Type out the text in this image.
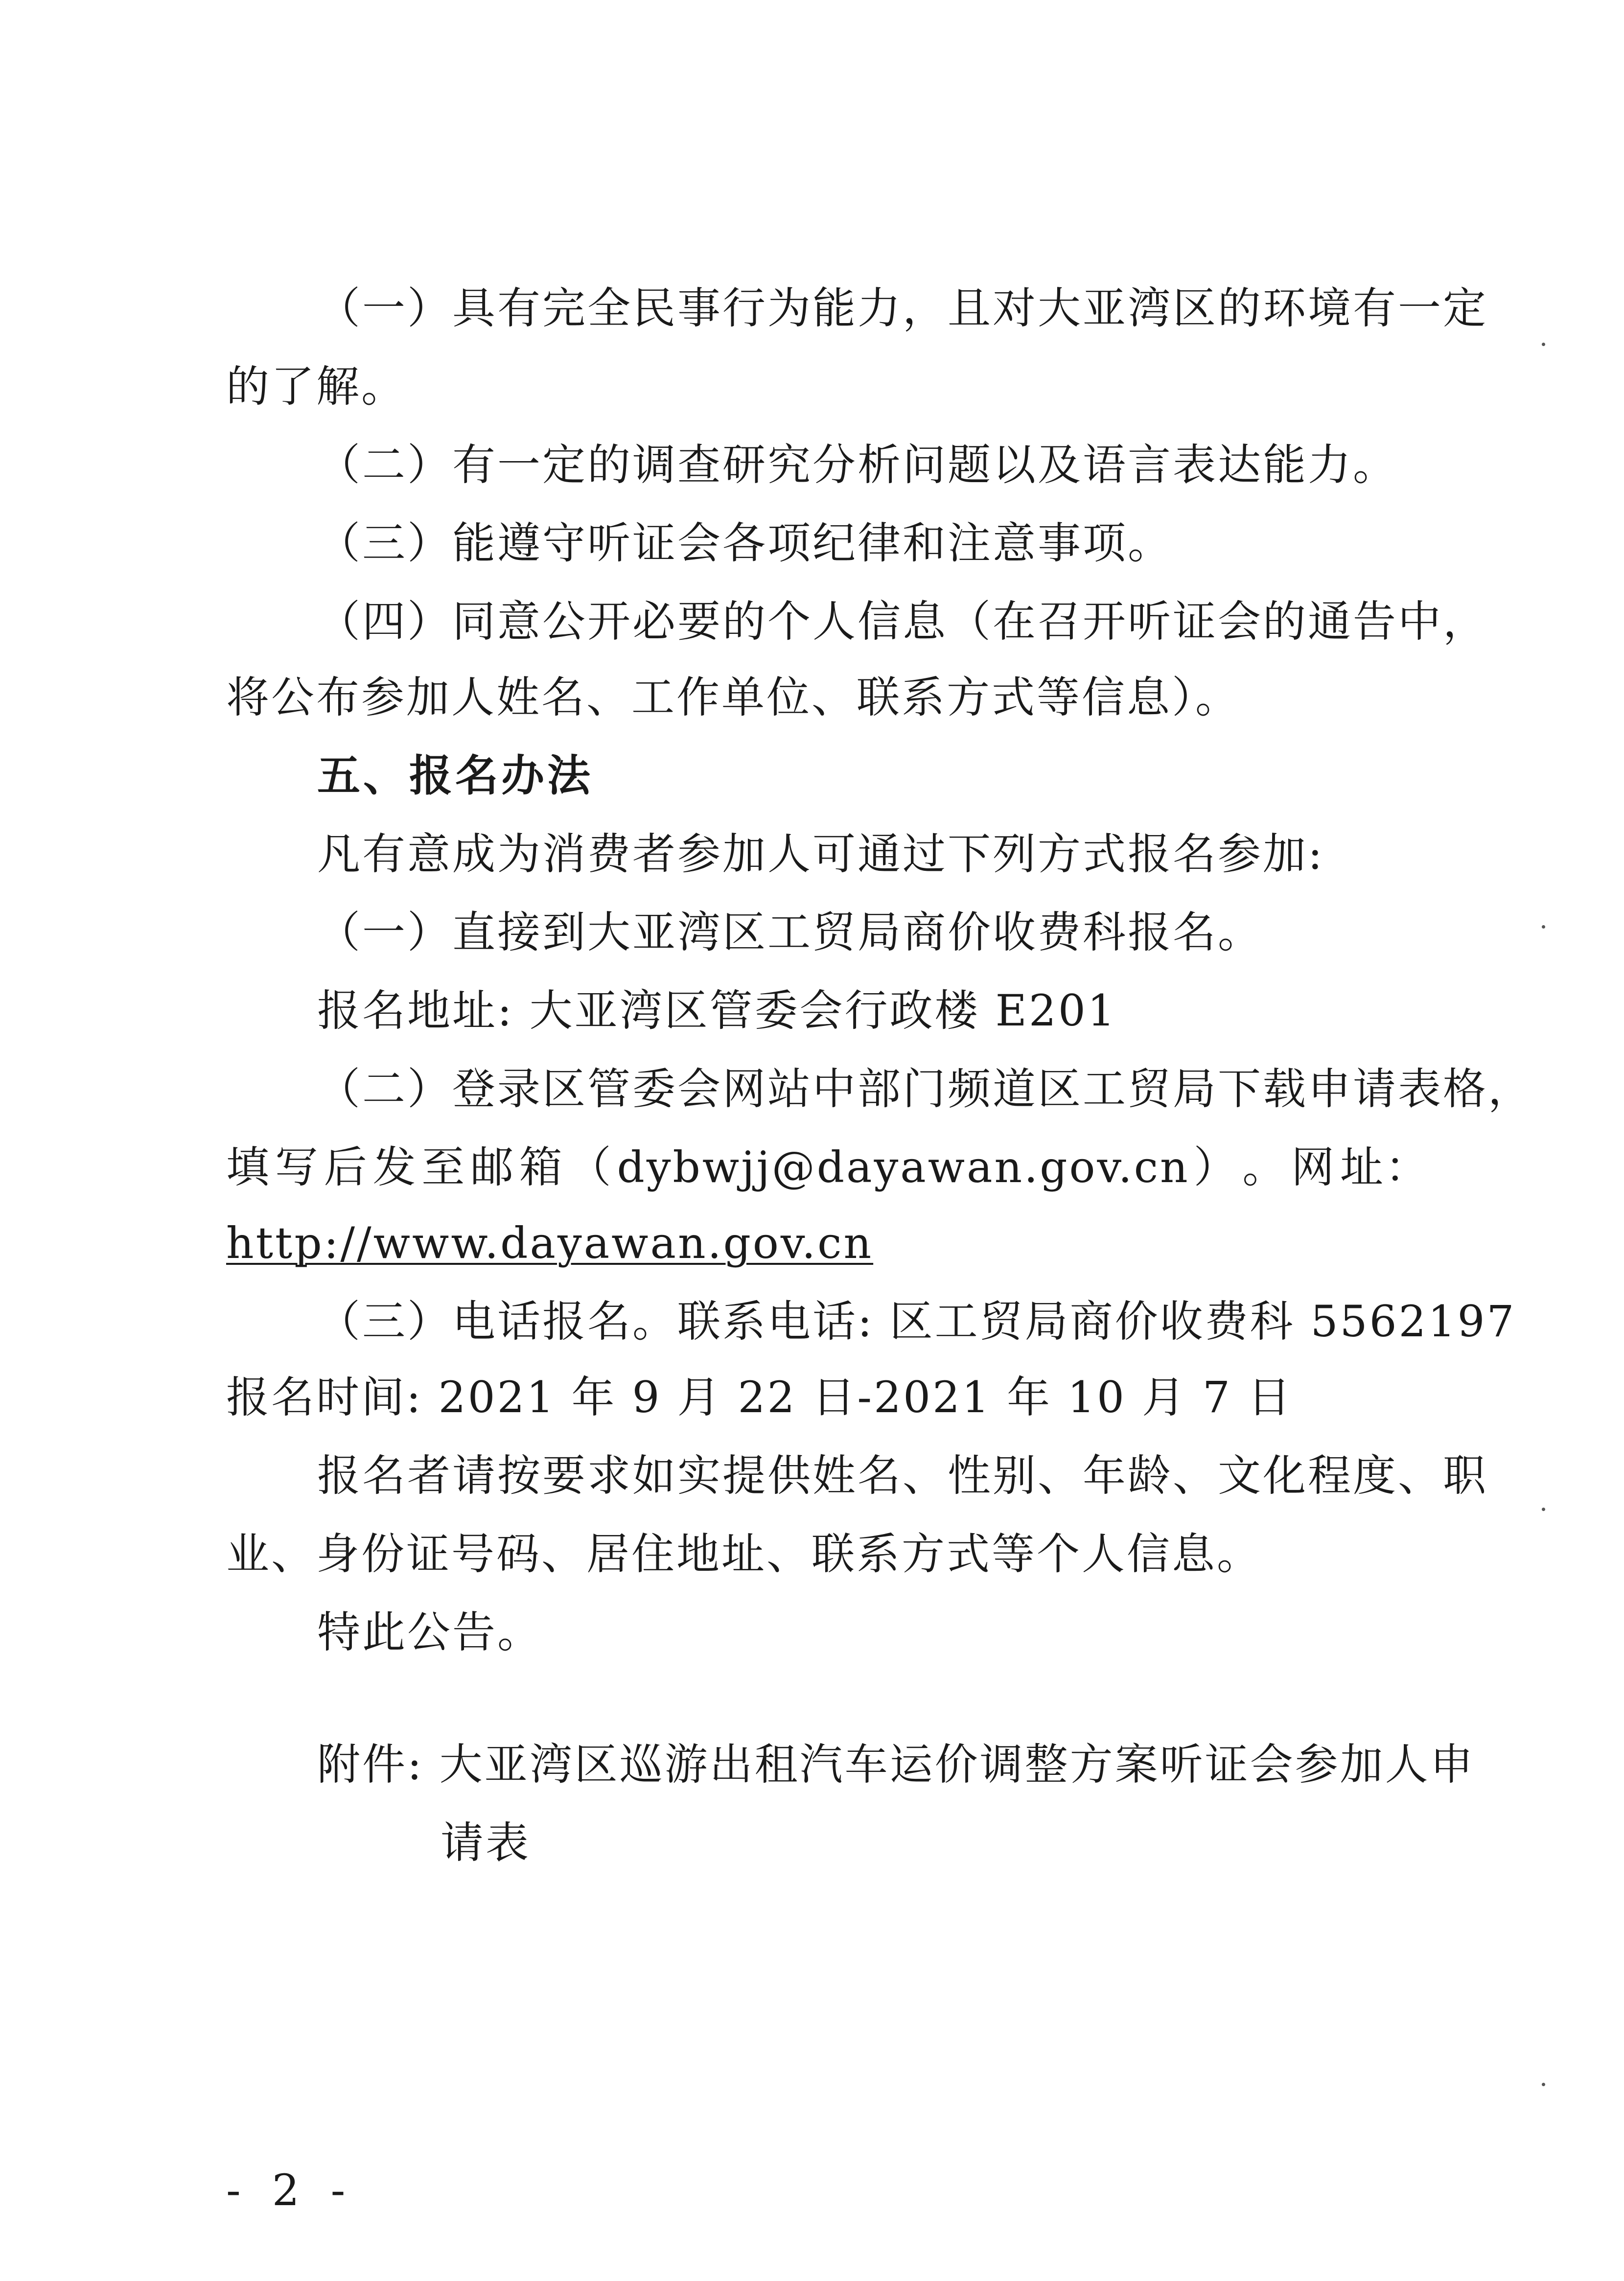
（一）具有完全民事行为能力，且对大亚湾区的环境有一定
的了解。
（二）有一定的调查研究分析问题以及语言表达能力。
（三）能遵守听证会各项纪律和注意事项。
（四）同意公开必要的个人信息（在召开听证会的通告中，
将公布参加人姓名、工作单位、联系方式等信息）。
五、报名办法
凡有意成为消费者参加人可通过下列方式报名参加:
（一）直接到大亚湾区工贸局商价收费科报名。
报名地址: 大亚湾区管委会行政楼 E201
（二）登录区管委会网站中部门频道区工贸局下载申请表格，
填 写 后 发 至 邮 箱 （ dybwjj@dayawan.gov.cn ） 。 网 址：
http://www.dayawan.gov.cn
（三）电话报名。联系电话: 区工贸局商价收费科 5562197
报名时间: 2021 年 9 月 22 日-2021 年 10 月 7 日
报名者请按要求如实提供姓名、性别、年龄、文化程度、职
业、身份证号码、居住地址、联系方式等个人信息。
特此公告。
附件: 大亚湾区巡游出租汽车运价调整方案听证会参加人申
请表
- 2 -
